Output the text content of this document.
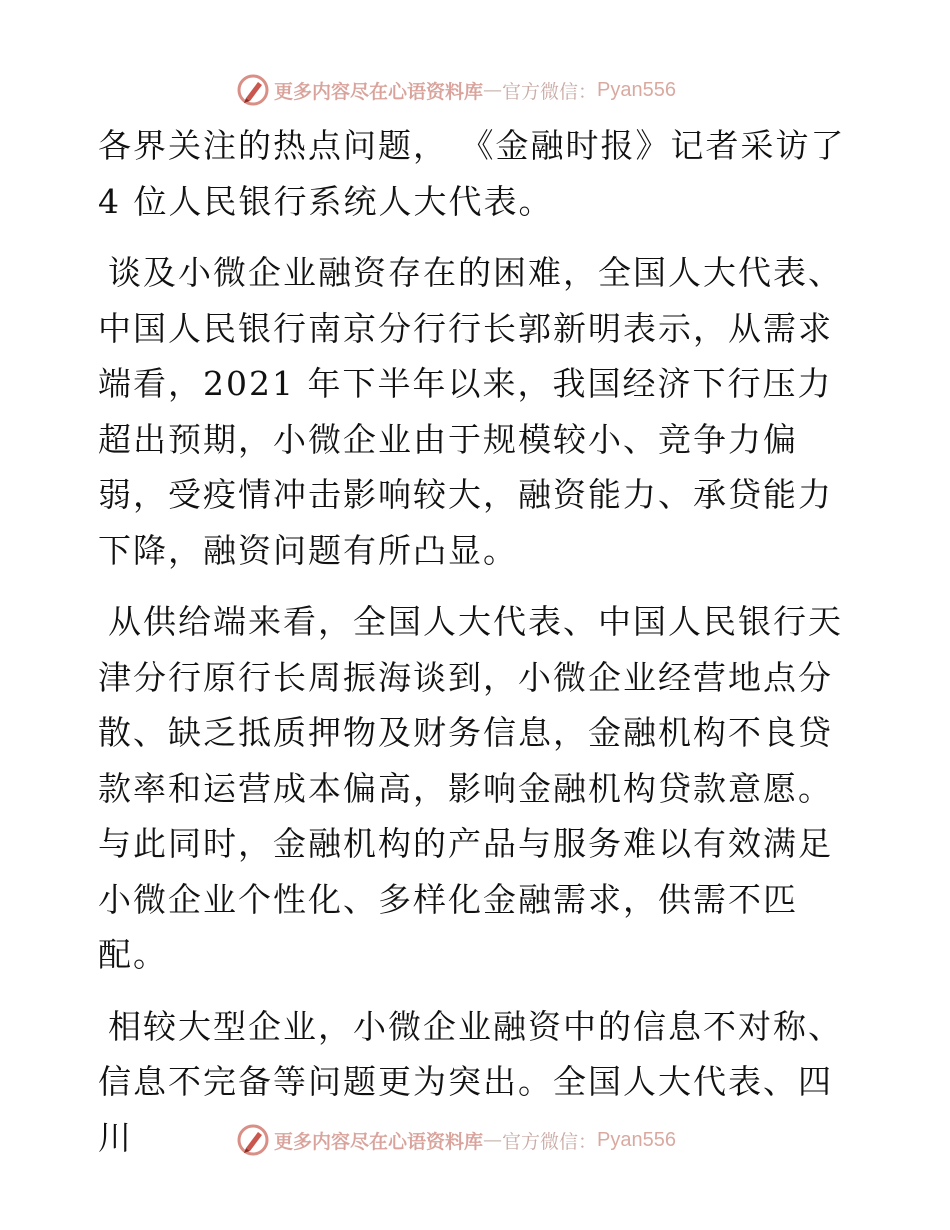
更多内容尽在心语资料库 — 官方微信： Pyan556

各界关注的热点问题， 《金融时报》记者采访了 4 位人民银行系统人大代表。

谈及小微企业融资存在的困难，全国人大代表、中国人民银行南京分行行长郭新明表示，从需求端看，2021 年下半年以来，我国经济下行压力超出预期，小微企业由于规模较小、竞争力偏弱，受疫情冲击影响较大，融资能力、承贷能力下降，融资问题有所凸显。

从供给端来看，全国人大代表、中国人民银行天津分行原行长周振海谈到，小微企业经营地点分散、缺乏抵质押物及财务信息，金融机构不良贷款率和运营成本偏高，影响金融机构贷款意愿。与此同时，金融机构的产品与服务难以有效满足小微企业个性化、多样化金融需求，供需不匹配。

相较大型企业，小微企业融资中的信息不对称、信息不完备等问题更为突出。全国人大代表、四川	更多内容尽在心语资料库 — 官方微信： Pyan556
